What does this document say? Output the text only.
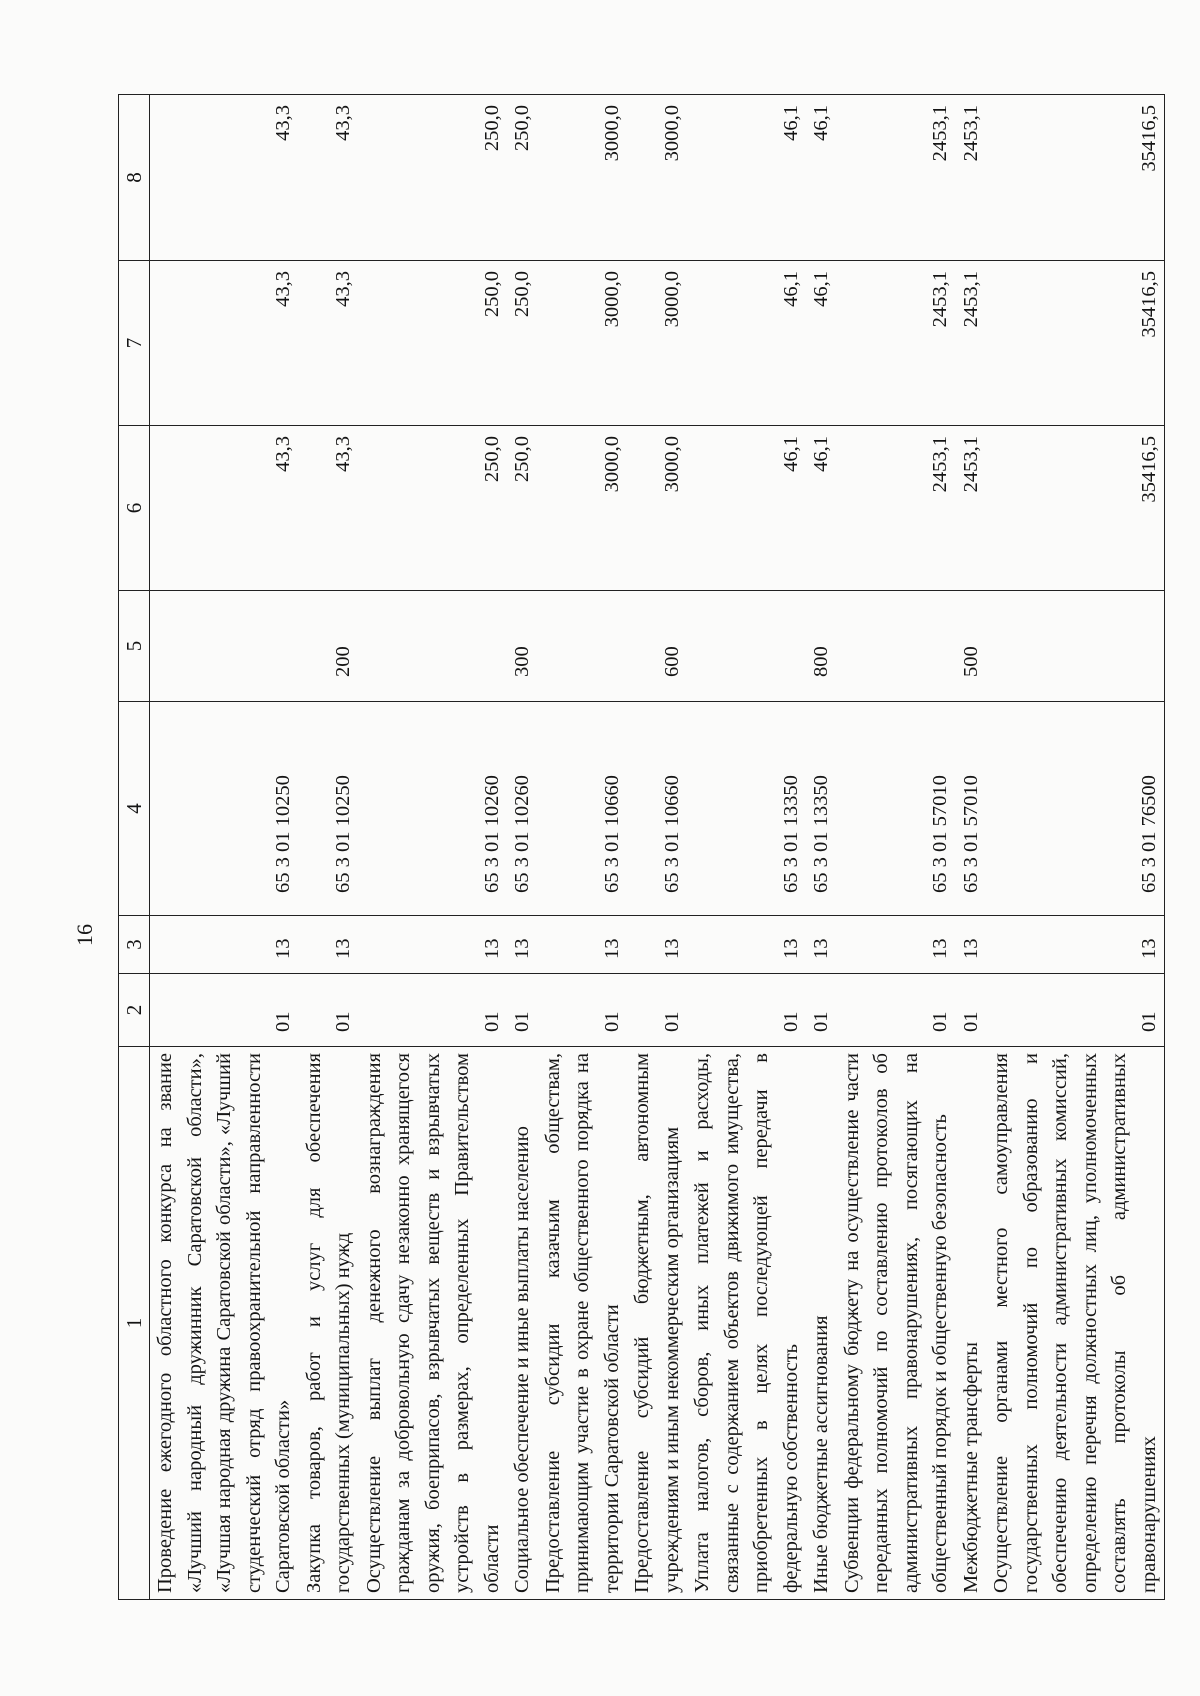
16
1	2	3	4	5	6	7	8
Проведение ежегодного областного конкурса на звание «Лучший народный дружинник Саратовской области», «Лучшая народная дружина Саратовской области», «Лучший студенческий отряд правоохранительной направленности Саратовской области»	01	13	65 3 01 10250		43,3	43,3	43,3
Закупка товаров, работ и услуг для обеспечения государственных (муниципальных) нужд	01	13	65 3 01 10250	200	43,3	43,3	43,3
Осуществление выплат денежного вознаграждения гражданам за добровольную сдачу незаконно хранящегося оружия, боеприпасов, взрывчатых веществ и взрывчатых устройств в размерах, определенных Правительством области	01	13	65 3 01 10260		250,0	250,0	250,0
Социальное обеспечение и иные выплаты населению	01	13	65 3 01 10260	300	250,0	250,0	250,0
Предоставление субсидии казачьим обществам, принимающим участие в охране общественного порядка на территории Саратовской области	01	13	65 3 01 10660		3000,0	3000,0	3000,0
Предоставление субсидий бюджетным, автономным учреждениям и иным некоммерческим организациям	01	13	65 3 01 10660	600	3000,0	3000,0	3000,0
Уплата налогов, сборов, иных платежей и расходы, связанные с содержанием объектов движимого имущества, приобретенных в целях последующей передачи в федеральную собственность	01	13	65 3 01 13350		46,1	46,1	46,1
Иные бюджетные ассигнования	01	13	65 3 01 13350	800	46,1	46,1	46,1
Субвенции федеральному бюджету на осуществление части переданных полномочий по составлению протоколов об административных правонарушениях, посягающих на общественный порядок и общественную безопасность	01	13	65 3 01 57010		2453,1	2453,1	2453,1
Межбюджетные трансферты	01	13	65 3 01 57010	500	2453,1	2453,1	2453,1
Осуществление органами местного самоуправления государственных полномочий по образованию и обеспечению деятельности административных комиссий, определению перечня должностных лиц, уполномоченных составлять протоколы об административных правонарушениях	01	13	65 3 01 76500		35416,5	35416,5	35416,5
